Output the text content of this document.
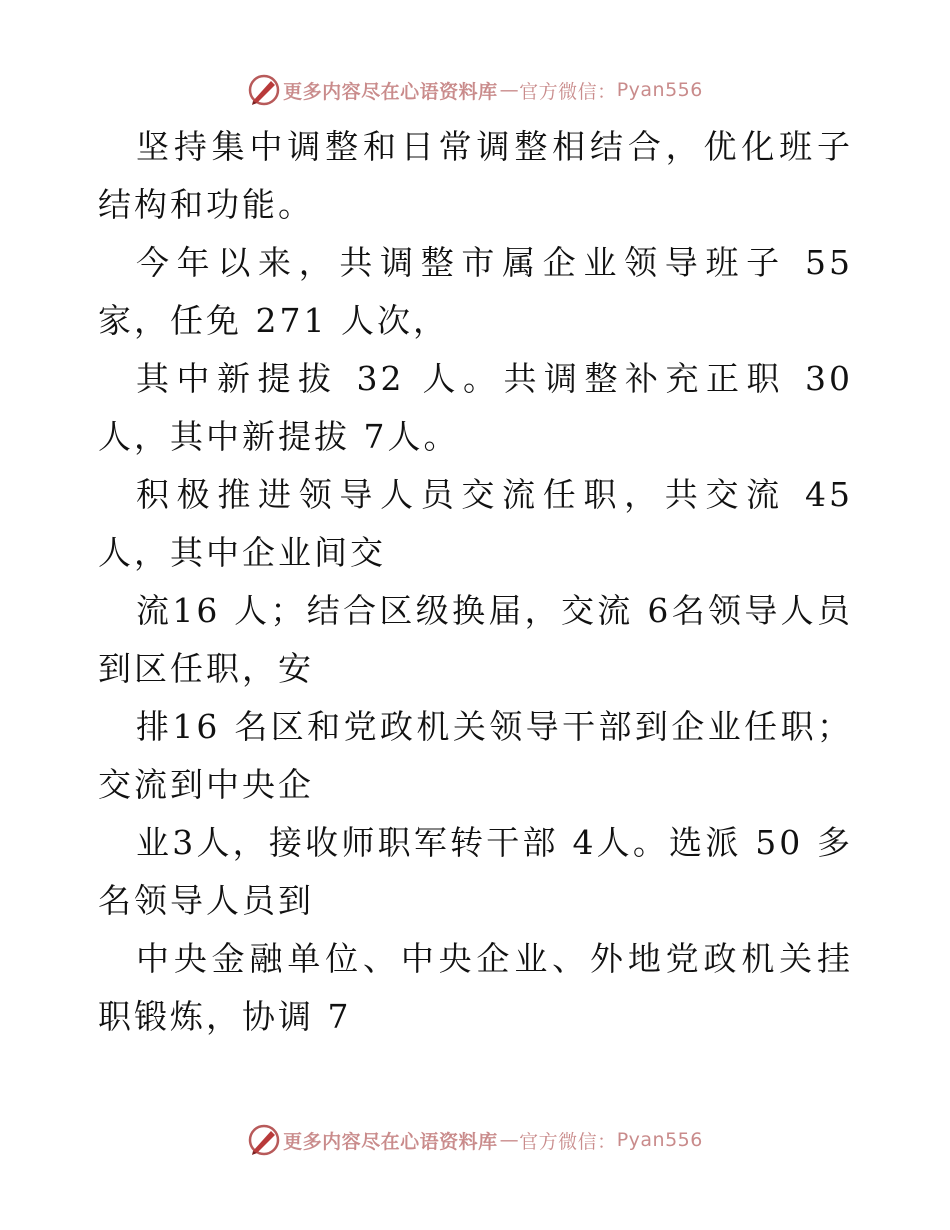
更多内容尽在心语资料库 — 官方微信： Pyan556

坚持集中调整和日常调整相结合，优化班子结构和功能。

今年以来，共调整市属企业领导班子 55 家，任免 271 人次，

其中新提拔 32 人。共调整补充正职 30 人，其中新提拔 7人。

积极推进领导人员交流任职，共交流 45 人，其中企业间交

流16 人；结合区级换届，交流 6名领导人员到区任职，安

排16 名区和党政机关领导干部到企业任职；交流到中央企

业3人，接收师职军转干部 4人。选派 50 多名领导人员到

中央金融单位、中央企业、外地党政机关挂职锻炼，协调 7

更多内容尽在心语资料库 — 官方微信： Pyan556
